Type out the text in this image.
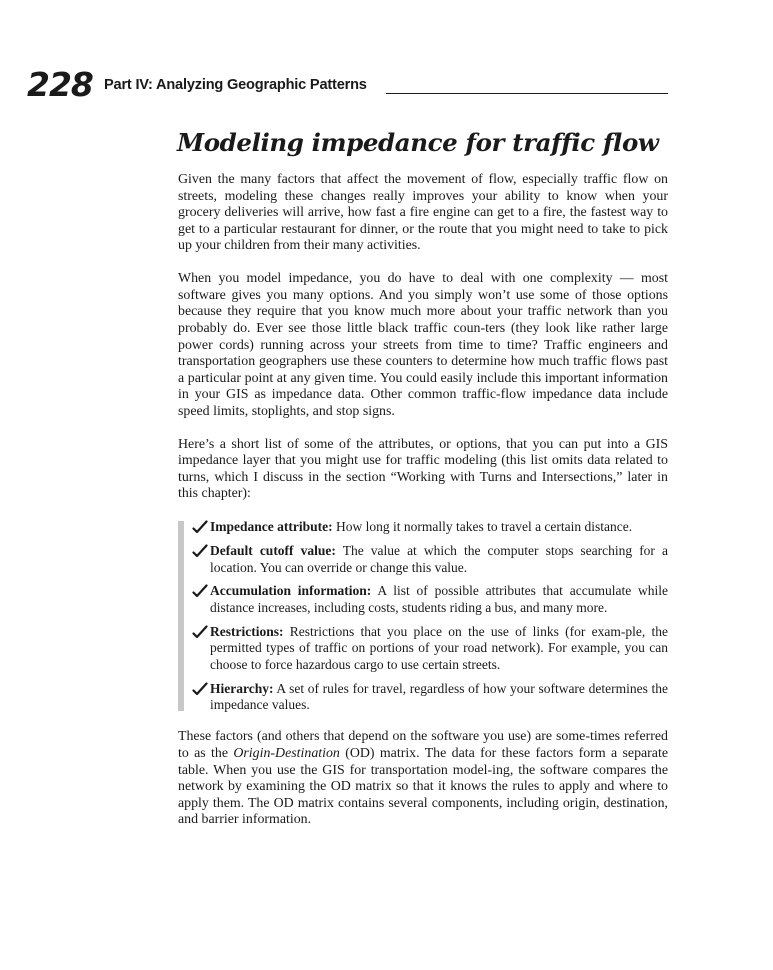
228 Part IV: Analyzing Geographic Patterns
Modeling impedance for traffic flow

Given the many factors that affect the movement of flow, especially traffic flow on streets, modeling these changes really improves your ability to know when your grocery deliveries will arrive, how fast a fire engine can get to a fire, the fastest way to get to a particular restaurant for dinner, or the route that you might need to take to pick up your children from their many activities.

When you model impedance, you do have to deal with one complexity — most software gives you many options. And you simply won’t use some of those options because they require that you know much more about your traffic network than you probably do. Ever see those little black traffic coun-ters (they look like rather large power cords) running across your streets from time to time? Traffic engineers and transportation geographers use these counters to determine how much traffic flows past a particular point at any given time. You could easily include this important information in your GIS as impedance data. Other common traffic-flow impedance data include speed limits, stoplights, and stop signs.

Here’s a short list of some of the attributes, or options, that you can put into a GIS impedance layer that you might use for traffic modeling (this list omits data related to turns, which I discuss in the section “Working with Turns and Intersections,” later in this chapter):

Impedance attribute: How long it normally takes to travel a certain distance.
Default cutoff value: The value at which the computer stops searching for a location. You can override or change this value.
Accumulation information: A list of possible attributes that accumulate while distance increases, including costs, students riding a bus, and many more.
Restrictions: Restrictions that you place on the use of links (for exam-ple, the permitted types of traffic on portions of your road network). For example, you can choose to force hazardous cargo to use certain streets.
Hierarchy: A set of rules for travel, regardless of how your software determines the impedance values.

These factors (and others that depend on the software you use) are some-times referred to as the Origin-Destination (OD) matrix. The data for these factors form a separate table. When you use the GIS for transportation model-ing, the software compares the network by examining the OD matrix so that it knows the rules to apply and where to apply them. The OD matrix contains several components, including origin, destination, and barrier information.
